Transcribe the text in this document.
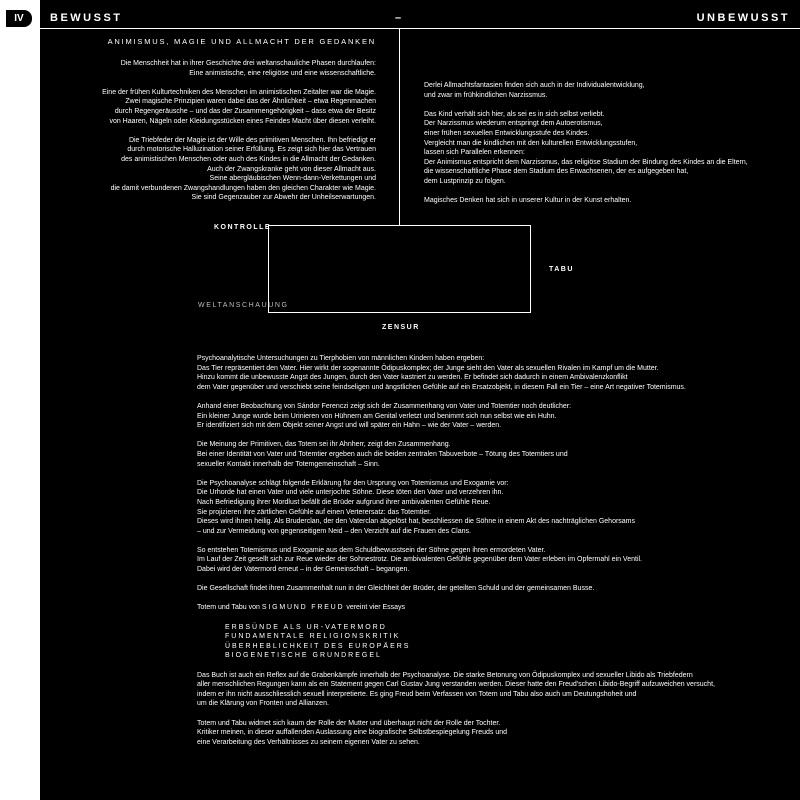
IV	BEWUSST	–	UNBEWUSST
ANIMISMUS, MAGIE UND ALLMACHT DER GEDANKEN

Die Menschheit hat in ihrer Geschichte drei weltanschauliche Phasen durchlaufen:
Eine animistische, eine religiöse und eine wissenschaftliche.

Eine der frühen Kulturtechniken des Menschen im animistischen Zeitalter war die Magie.
Zwei magische Prinzipien waren dabei das der Ähnlichkeit – etwa Regenmachen
durch Regengeräusche – und das der Zusammengehörigkeit – dass etwa der Besitz
von Haaren, Nägeln oder Kleidungsstücken eines Feindes Macht über diesen verleiht.

Die Triebfeder der Magie ist der Wille des primitiven Menschen. Ihn befriedigt er
durch motorische Halluzination seiner Erfüllung. Es zeigt sich hier das Vertrauen
des animistischen Menschen oder auch des Kindes in die Allmacht der Gedanken.
Auch der Zwangskranke geht von dieser Allmacht aus.
Seine abergläubischen Wenn-dann-Verkettungen und
die damit verbundenen Zwangshandlungen haben den gleichen Charakter wie Magie.
Sie sind Gegenzauber zur Abwehr der Unheilserwartungen.

Derlei Allmachtsfantasien finden sich auch in der Individualentwicklung,
und zwar im frühkindlichen Narzissmus.

Das Kind verhält sich hier, als sei es in sich selbst verliebt.
Der Narzissmus wiederum entspringt dem Autoerotismus,
einer frühen sexuellen Entwicklungsstufe des Kindes.
Vergleicht man die kindlichen mit den kulturellen Entwicklungsstufen,
lassen sich Parallelen erkennen:
Der Animismus entspricht dem Narzissmus, das religiöse Stadium der Bindung des Kindes an die Eltern,
die wissenschaftliche Phase dem Stadium des Erwachsenen, der es aufgegeben hat,
dem Lustprinzip zu folgen.

Magisches Denken hat sich in unserer Kultur in der Kunst erhalten.

KONTROLLE
TABU
WELTANSCHAUUNG
ZENSUR

Psychoanalytische Untersuchungen zu Tierphobien von männlichen Kindern haben ergeben:
Das Tier repräsentiert den Vater. Hier wirkt der sogenannte Ödipuskomplex; der Junge sieht den Vater als sexuellen Rivalen im Kampf um die Mutter.
Hinzu kommt die unbewusste Angst des Jungen, durch den Vater kastriert zu werden. Er befindet sich dadurch in einem Ambivalenzkonflikt
dem Vater gegenüber und verschiebt seine feindseligen und ängstlichen Gefühle auf ein Ersatzobjekt, in diesem Fall ein Tier – eine Art negativer Totemismus.

Anhand einer Beobachtung von Sándor Ferenczi zeigt sich der Zusammenhang von Vater und Totemtier noch deutlicher:
Ein kleiner Junge wurde beim Urinieren von Hühnern am Genital verletzt und benimmt sich nun selbst wie ein Huhn.
Er identifiziert sich mit dem Objekt seiner Angst und will später ein Hahn – wie der Vater – werden.

Die Meinung der Primitiven, das Totem sei ihr Ahnherr, zeigt den Zusammenhang.
Bei einer Identität von Vater und Totemtier ergeben auch die beiden zentralen Tabuverbote – Tötung des Totemtiers und
sexueller Kontakt innerhalb der Totemgemeinschaft – Sinn.

Die Psychoanalyse schlägt folgende Erklärung für den Ursprung von Totemismus und Exogamie vor:
Die Urhorde hat einen Vater und viele unterjochte Söhne. Diese töten den Vater und verzehren ihn.
Nach Befriedigung ihrer Mordlust befällt die Brüder aufgrund ihrer ambivalenten Gefühle Reue.
Sie projizieren ihre zärtlichen Gefühle auf einen Verterersatz: das Totemtier.
Dieses wird ihnen heilig. Als Bruderclan, der den Vaterclan abgelöst hat, beschliessen die Söhne in einem Akt des nachträglichen Gehorsams
– und zur Vermeidung von gegenseitigem Neid – den Verzicht auf die Frauen des Clans.

So entstehen Totemismus und Exogamie aus dem Schuldbewusstsein der Söhne gegen ihren ermordeten Vater.
Im Lauf der Zeit gesellt sich zur Reue wieder der Sohnestrotz. Die ambivalenten Gefühle gegenüber dem Vater erleben im Opfermahl ein Ventil.
Dabei wird der Vatermord erneut – in der Gemeinschaft – begangen.

Die Gesellschaft findet ihren Zusammenhalt nun in der Gleichheit der Brüder, der geteilten Schuld und der gemeinsamen Busse.

Totem und Tabu von SIGMUND FREUD vereint vier Essays

ERBSÜNDE ALS UR-VATERMORD
FUNDAMENTALE RELIGIONSKRITIK
ÜBERHEBLICHKEIT DES EUROPÄERS
BIOGENETISCHE GRUNDREGEL

Das Buch ist auch ein Reflex auf die Grabenkämpfe innerhalb der Psychoanalyse. Die starke Betonung von Ödipuskomplex und sexueller Libido als Triebfedern
aller menschlichen Regungen kann als ein Statement gegen Carl Gustav Jung verstanden werden. Dieser hatte den Freud'schen Libido-Begriff aufzuweichen versucht,
indem er ihn nicht ausschliesslich sexuell interpretierte. Es ging Freud beim Verfassen von Totem und Tabu also auch um Deutungshoheit und
um die Klärung von Fronten und Allianzen.

Totem und Tabu widmet sich kaum der Rolle der Mutter und überhaupt nicht der Rolle der Tochter.
Kritiker meinen, in dieser auffallenden Auslassung eine biografische Selbstbespiegelung Freuds und
eine Verarbeitung des Verhältnisses zu seinem eigenen Vater zu sehen.
